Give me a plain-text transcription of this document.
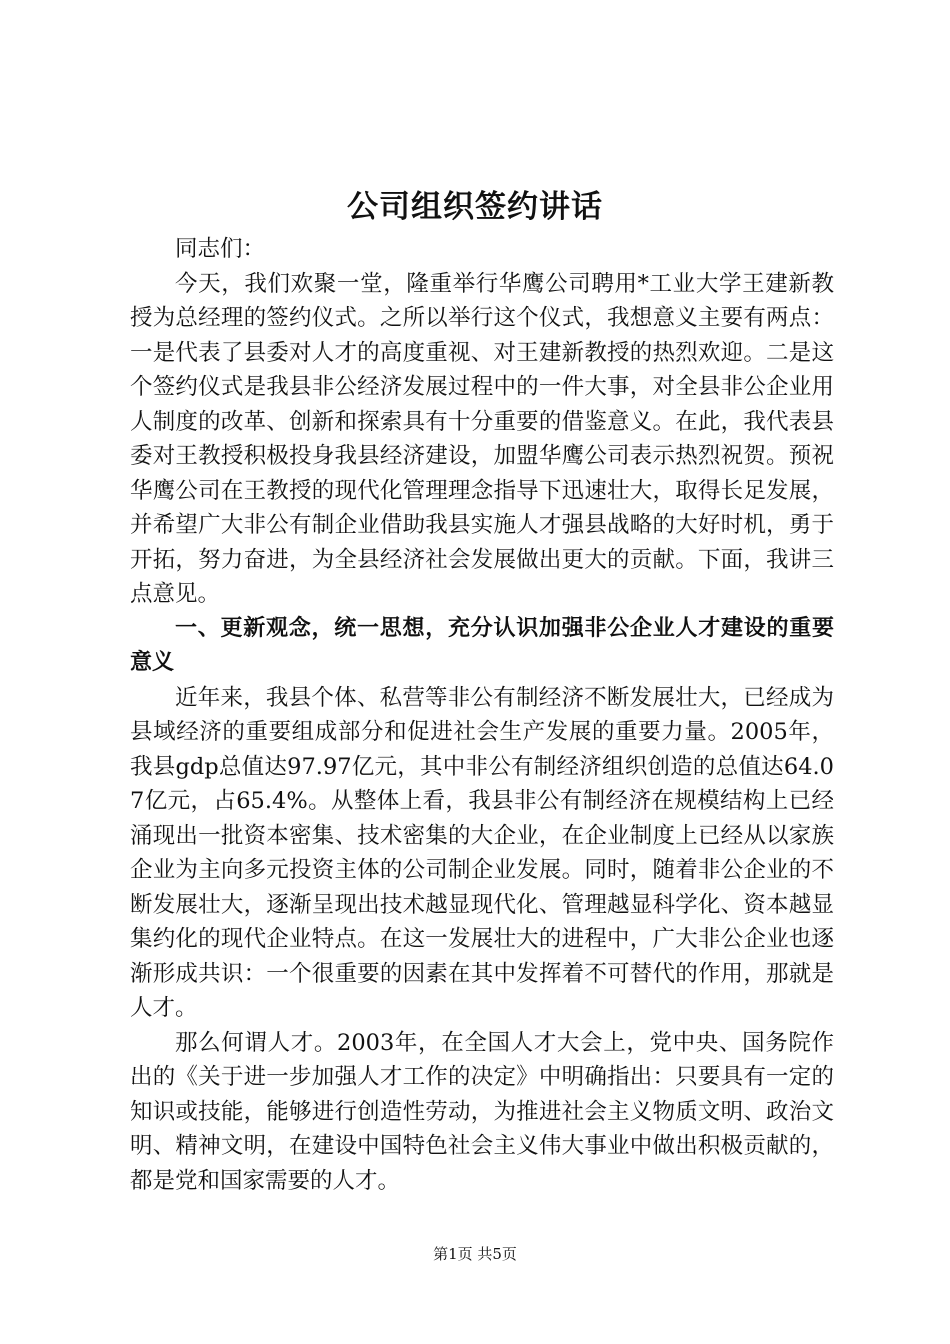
公司组织签约讲话

同志们：

今天，我们欢聚一堂，隆重举行华鹰公司聘用*工业大学王建新教授为总经理的签约仪式。之所以举行这个仪式，我想意义主要有两点：一是代表了县委对人才的高度重视、对王建新教授的热烈欢迎。二是这个签约仪式是我县非公经济发展过程中的一件大事，对全县非公企业用人制度的改革、创新和探索具有十分重要的借鉴意义。在此，我代表县委对王教授积极投身我县经济建设，加盟华鹰公司表示热烈祝贺。预祝华鹰公司在王教授的现代化管理理念指导下迅速壮大，取得长足发展，并希望广大非公有制企业借助我县实施人才强县战略的大好时机，勇于开拓，努力奋进，为全县经济社会发展做出更大的贡献。下面，我讲三点意见。

一、更新观念，统一思想，充分认识加强非公企业人才建设的重要意义

近年来，我县个体、私营等非公有制经济不断发展壮大，已经成为县域经济的重要组成部分和促进社会生产发展的重要力量。2005年，我县gdp总值达97.97亿元，其中非公有制经济组织创造的总值达64.07亿元，占65.4%。从整体上看，我县非公有制经济在规模结构上已经涌现出一批资本密集、技术密集的大企业，在企业制度上已经从以家族企业为主向多元投资主体的公司制企业发展。同时，随着非公企业的不断发展壮大，逐渐呈现出技术越显现代化、管理越显科学化、资本越显集约化的现代企业特点。在这一发展壮大的进程中，广大非公企业也逐渐形成共识：一个很重要的因素在其中发挥着不可替代的作用，那就是人才。

那么何谓人才。2003年，在全国人才大会上，党中央、国务院作出的《关于进一步加强人才工作的决定》中明确指出：只要具有一定的知识或技能，能够进行创造性劳动，为推进社会主义物质文明、政治文明、精神文明，在建设中国特色社会主义伟大事业中做出积极贡献的，都是党和国家需要的人才。

第1页 共5页
